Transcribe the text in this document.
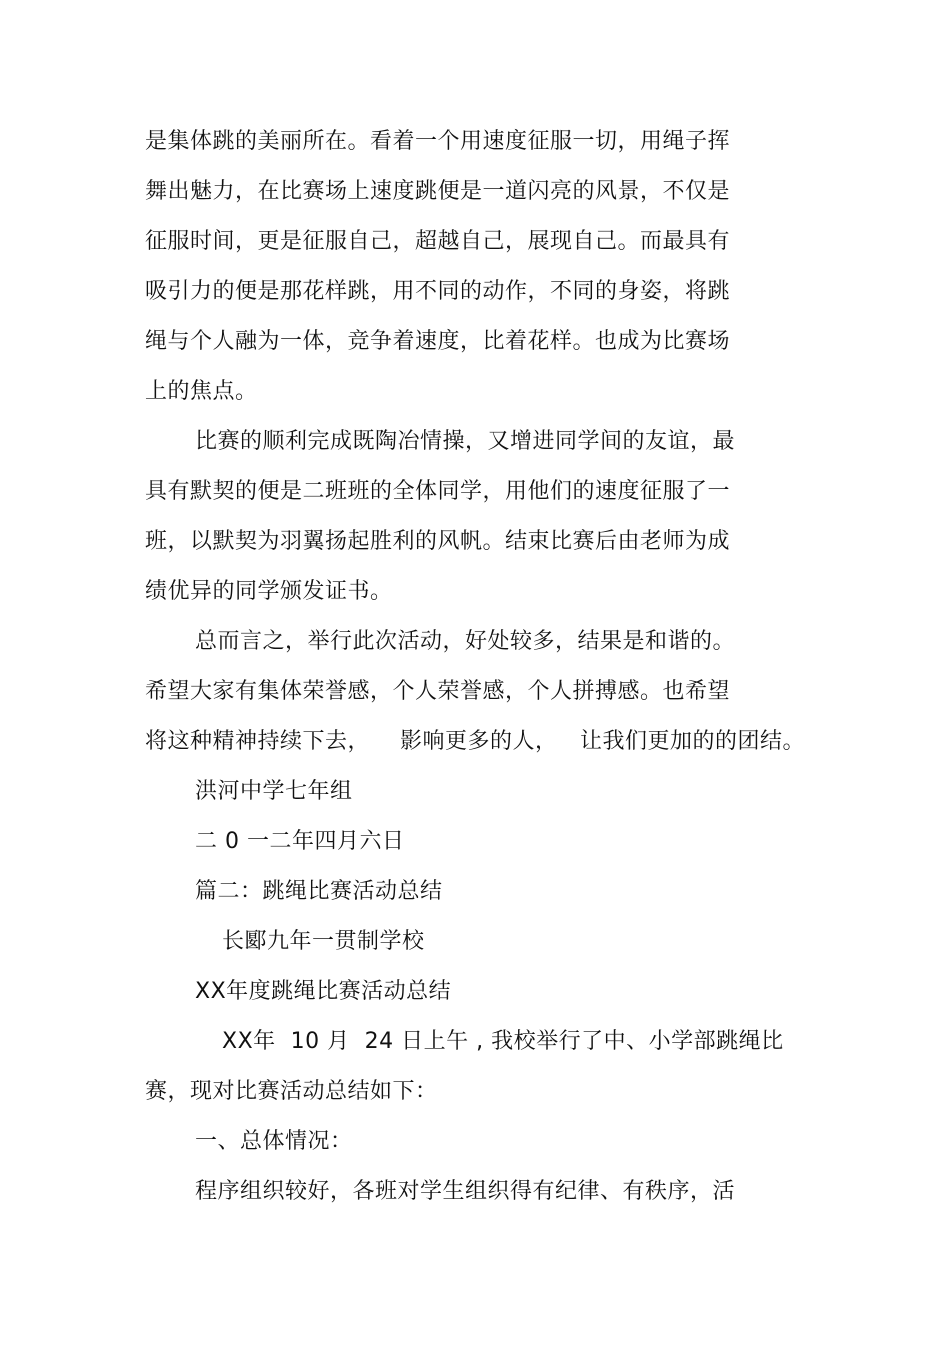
是集体跳的美丽所在。看着一个用速度征服一切，用绳子挥
舞出魅力，在比赛场上速度跳便是一道闪亮的风景，不仅是
征服时间，更是征服自己，超越自己，展现自己。而最具有
吸引力的便是那花样跳，用不同的动作，不同的身姿，将跳
绳与个人融为一体，竞争着速度，比着花样。也成为比赛场
上的焦点。
比赛的顺利完成既陶冶情操，又增进同学间的友谊，最
具有默契的便是二班班的全体同学，用他们的速度征服了一
班，以默契为羽翼扬起胜利的风帆。结束比赛后由老师为成
绩优异的同学颁发证书。
总而言之，举行此次活动，好处较多，结果是和谐的。
希望大家有集体荣誉感，个人荣誉感，个人拼搏感。也希望
将这种精神持续下去，    影响更多的人，   让我们更加的的团结。
洪河中学七年组
二 0 一二年四月六日
篇二：跳绳比赛活动总结
长郾九年一贯制学校
XX年度跳绳比赛活动总结
XX年  10 月  24 日上午 , 我校举行了中、小学部跳绳比
赛，现对比赛活动总结如下：
一、总体情况：
程序组织较好，各班对学生组织得有纪律、有秩序，活
